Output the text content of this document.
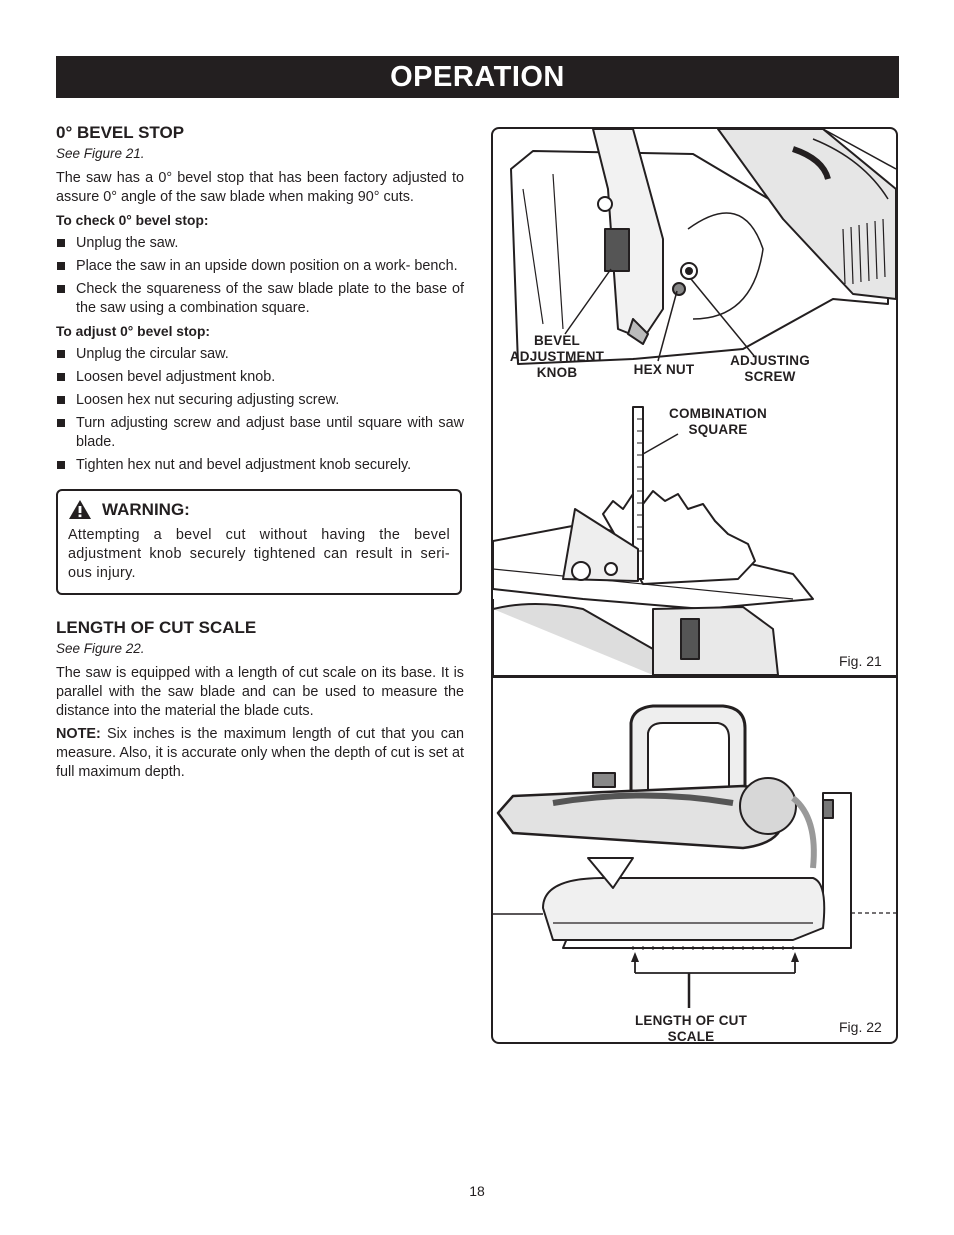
OPERATION

0° BEVEL STOP

See Figure 21.

The saw has a 0° bevel stop that has been factory adjusted to assure 0° angle of the saw blade when making 90° cuts.

To check 0° bevel stop:

Unplug the saw.
Place the saw in an upside down position on a work- bench.
Check the squareness of the saw blade plate to the base of the saw using a combination square.

To adjust 0° bevel stop:

Unplug the circular saw.
Loosen bevel adjustment knob.
Loosen hex nut securing adjusting screw.
Turn adjusting screw and adjust base until square with saw blade.
Tighten hex nut and bevel adjustment knob securely.
WARNING:
Attempting a bevel cut without having the bevel adjustment knob securely tightened can result in seri- ous injury.

LENGTH OF CUT SCALE

See Figure 22.

The saw is equipped with a length of cut scale on its base. It is parallel with the saw blade and can be used to measure the distance into the material the blade cuts.

NOTE: Six inches is the maximum length of cut that you can measure. Also, it is accurate only when the depth of cut is set at full maximum depth.

BEVEL ADJUSTMENT KNOB	HEX NUT
ADJUSTING SCREW
COMBINATION SQUARE
Fig. 21
LENGTH OF CUT SCALE
Fig. 22
18
